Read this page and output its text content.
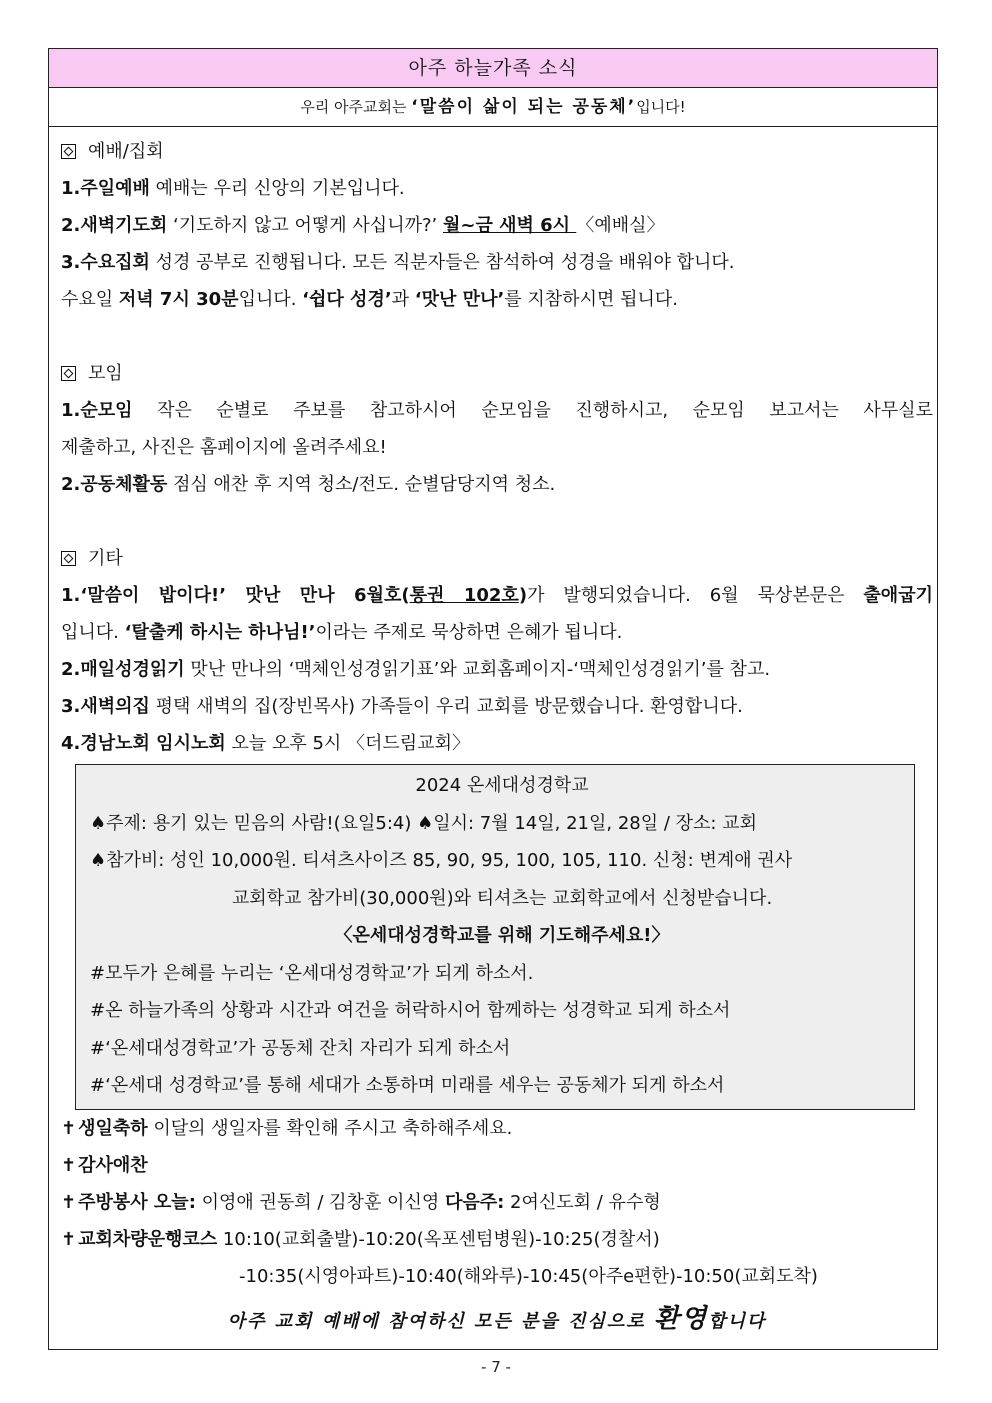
아주 하늘가족 소식
우리 아주교회는 ‘말씀이 삶이 되는 공동체’입니다!
예배/집회
1.주일예배 예배는 우리 신앙의 기본입니다.
2.새벽기도회 ‘기도하지 않고 어떻게 사십니까?’ 월~금 새벽 6시 〈예배실〉
3.수요집회 성경 공부로 진행됩니다. 모든 직분자들은 참석하여 성경을 배워야 합니다.
수요일 저녁 7시 30분입니다. ‘쉽다 성경’과 ‘맛난 만나’를 지참하시면 됩니다.
모임
1.순모임 작은 순별로 주보를 참고하시어 순모임을 진행하시고, 순모임 보고서는 사무실로
제출하고, 사진은 홈페이지에 올려주세요!
2.공동체활동 점심 애찬 후 지역 청소/전도. 순별담당지역 청소.
기타
1.‘말씀이 밥이다!’ 맛난 만나 6월호(통권 102호)가 발행되었습니다. 6월 묵상본문은 출애굽기
입니다. ‘탈출케 하시는 하나님!’이라는 주제로 묵상하면 은혜가 됩니다.
2.매일성경읽기 맛난 만나의 ‘맥체인성경읽기표’와 교회홈페이지-‘맥체인성경읽기’를 참고.
3.새벽의집 평택 새벽의 집(장빈목사) 가족들이 우리 교회를 방문했습니다. 환영합니다.
4.경남노회 임시노회 오늘 오후 5시 〈더드림교회〉
2024 온세대성경학교
♠주제: 용기 있는 믿음의 사람!(요일5:4) ♠일시: 7월 14일, 21일, 28일 / 장소: 교회
♠참가비: 성인 10,000원. 티셔츠사이즈 85, 90, 95, 100, 105, 110. 신청: 변계애 권사
교회학교 참가비(30,000원)와 티셔츠는 교회학교에서 신청받습니다.
〈온세대성경학교를 위해 기도해주세요!〉
#모두가 은혜를 누리는 ‘온세대성경학교’가 되게 하소서.
#온 하늘가족의 상황과 시간과 여건을 허락하시어 함께하는 성경학교 되게 하소서
#‘온세대성경학교’가 공동체 잔치 자리가 되게 하소서
#‘온세대 성경학교’를 통해 세대가 소통하며 미래를 세우는 공동체가 되게 하소서
✝ 생일축하 이달의 생일자를 확인해 주시고 축하해주세요.
✝ 감사애찬
✝ 주방봉사 오늘: 이영애 권동희 / 김창훈 이신영 다음주: 2여신도회 / 유수형
✝ 교회차량운행코스 10:10(교회출발)-10:20(옥포센텀병원)-10:25(경찰서)
-10:35(시영아파트)-10:40(해와루)-10:45(아주e편한)-10:50(교회도착)
아주 교회 예배에 참여하신 모든 분을 진심으로 환영합니다
- 7 -
